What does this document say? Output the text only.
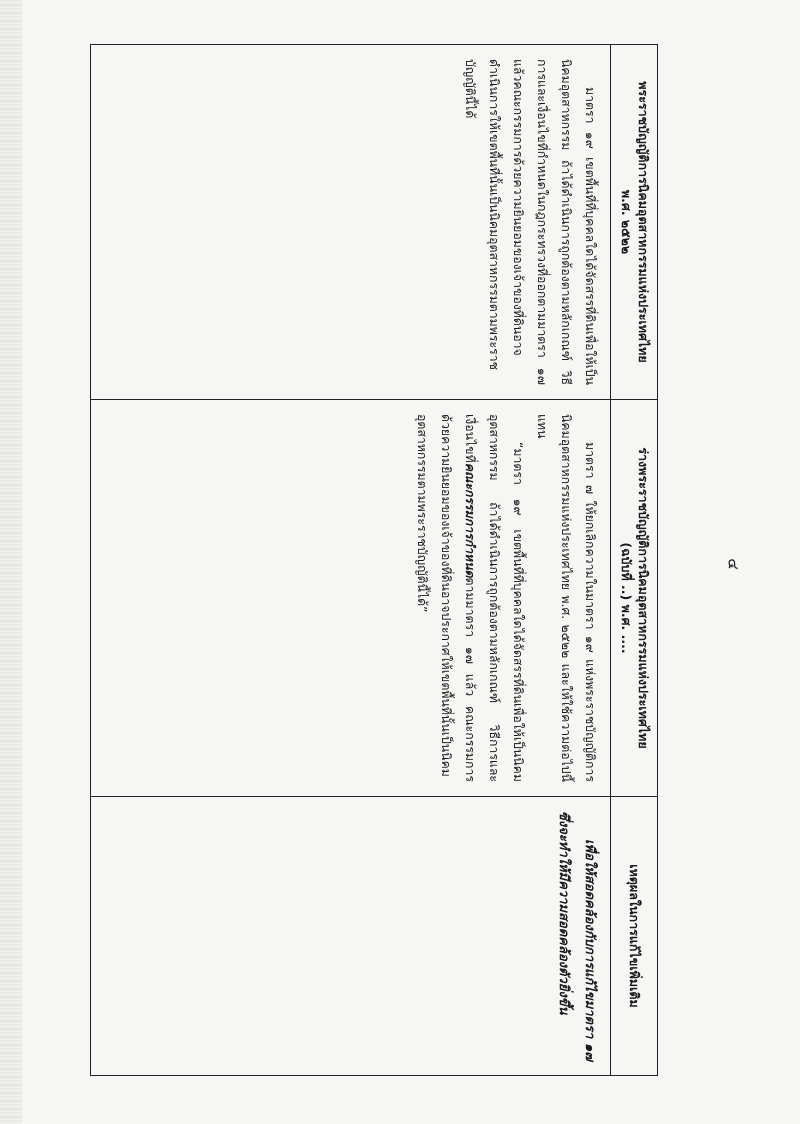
๔
พระราชบัญญัติการนิคมอุตสาหกรรมแห่งประเทศไทย
พ.ศ. ๒๕๒๒
ร่างพระราชบัญญัติการนิคมอุตสาหกรรมแห่งประเทศไทย
(ฉบับที่ ..) พ.ศ. ....
เหตุผลในการแก้ไขเพิ่มเติม

มาตรา ๑๙ เขตพื้นที่ที่บุคคลใดได้จัดสรรที่ดินเพื่อให้เป็นนิคมอุตสาหกรรม ถ้าได้ดำเนินการถูกต้องตามหลักเกณฑ์ วิธีการและเงื่อนไขที่กำหนดในกฎกระทรวงที่ออกตามมาตรา ๑๗ แล้วคณะกรรมการด้วยความยินยอมของเจ้าของที่ดินอาจดำเนินการให้เขตพื้นที่นั้นเป็นนิคมอุตสาหกรรมตามพระราชบัญญัตินี้ได้

มาตรา ๗ ให้ยกเลิกความในมาตรา ๑๙ แห่งพระราชบัญญัติการนิคมอุตสาหกรรมแห่งประเทศไทย พ.ศ. ๒๕๒๒ และให้ใช้ความต่อไปนี้แทน

“มาตรา ๑๙ เขตพื้นที่ที่บุคคลใดได้จัดสรรที่ดินเพื่อให้เป็นนิคมอุตสาหกรรม ถ้าได้ดำเนินการถูกต้องตามหลักเกณฑ์ วิธีการและเงื่อนไขที่คณะกรรมการกำหนดตามมาตรา ๑๗ แล้ว คณะกรรมการด้วยความยินยอมของเจ้าของที่ดินอาจประกาศให้เขตพื้นที่นั้นเป็นนิคมอุตสาหกรรมตามพระราชบัญญัตินี้ได้”

เพื่อให้สอดคล้องกับการแก้ไขมาตรา ๑๗ ซึ่งจะทำให้มีความสอดคล้องตัวยิ่งขึ้น
